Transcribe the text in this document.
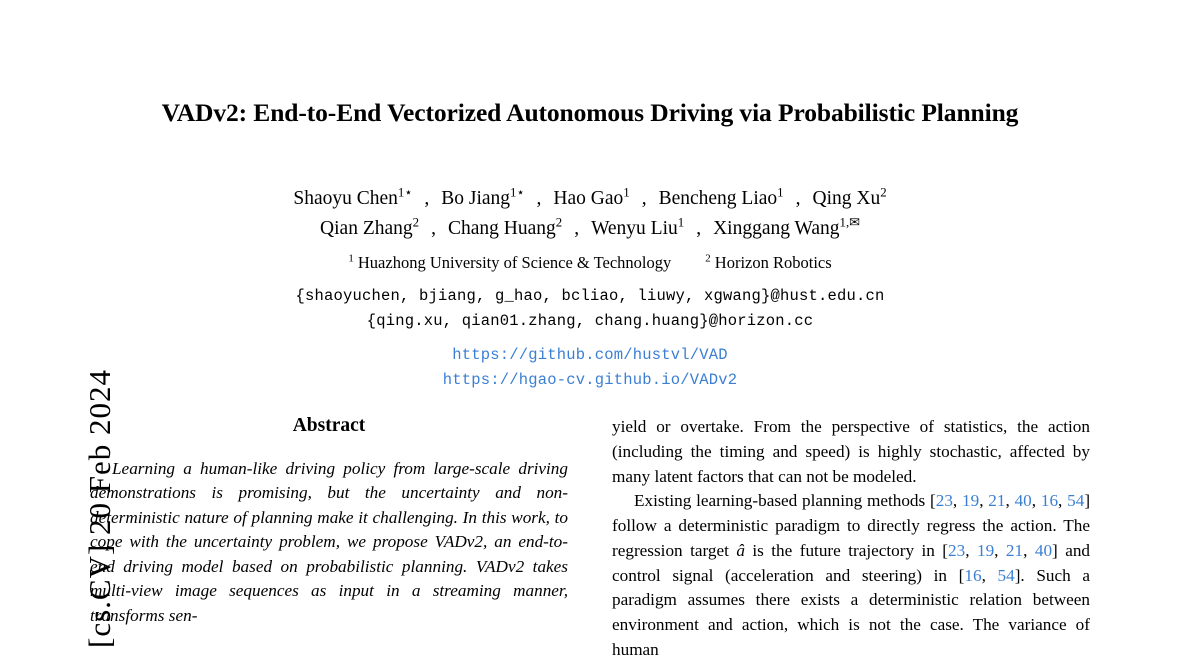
[cs.CV] 20 Feb 2024
VADv2: End-to-End Vectorized Autonomous Driving via Probabilistic Planning
Shaoyu Chen$^{1⋆}$ , Bo Jiang$^{1⋆}$ , Hao Gao$^1$ , Bencheng Liao$^1$ , Qing Xu$^2$
Qian Zhang$^2$ , Chang Huang$^2$ , Wenyu Liu$^1$ , Xinggang Wang$^{1,✉}$
$^1$ Huazhong University of Science & Technology	$^2$ Horizon Robotics
{shaoyuchen, bjiang, g_hao, bcliao, liuwy, xgwang}@hust.edu.cn
{qing.xu, qian01.zhang, chang.huang}@horizon.cc
https://github.com/hustvl/VAD
https://hgao-cv.github.io/VADv2
Abstract
Learning a human-like driving policy from large-scale driving demonstrations is promising, but the uncertainty and non-deterministic nature of planning make it challenging. In this work, to cope with the uncertainty problem, we propose VADv2, an end-to-end driving model based on probabilistic planning. VADv2 takes multi-view image sequences as input in a streaming manner, transforms sen-
yield or overtake. From the perspective of statistics, the action (including the timing and speed) is highly stochastic, affected by many latent factors that can not be modeled.
Existing learning-based planning methods [23, 19, 21, 40, 16, 54] follow a deterministic paradigm to directly regress the action. The regression target â is the future trajectory in [23, 19, 21, 40] and control signal (acceleration and steering) in [16, 54]. Such a paradigm assumes there exists a deterministic relation between environment and action, which is not the case. The variance of human
